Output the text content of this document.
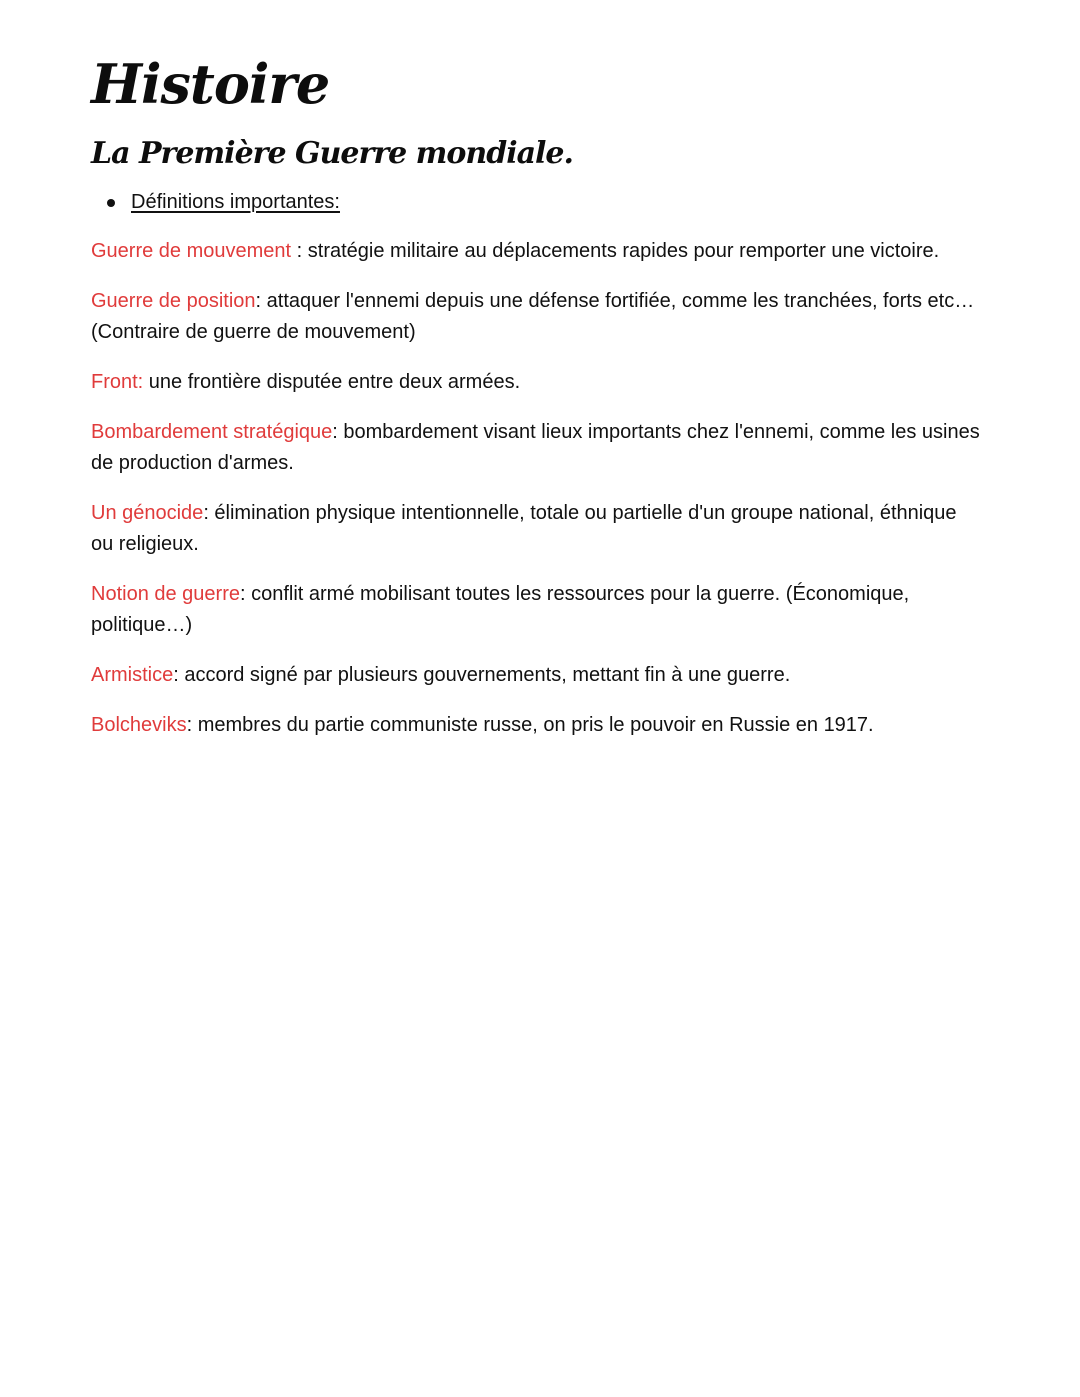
Histoire
La Première Guerre mondiale.
Définitions importantes:

Guerre de mouvement : stratégie militaire au déplacements rapides pour remporter une victoire.

Guerre de position: attaquer l'ennemi depuis une défense fortifiée, comme les tranchées, forts etc…(Contraire de guerre de mouvement)

Front: une frontière disputée entre deux armées.

Bombardement stratégique: bombardement visant lieux importants chez l'ennemi, comme les usines de production d'armes.

Un génocide: élimination physique intentionnelle, totale ou partielle d'un groupe national, éthnique ou religieux.

Notion de guerre: conflit armé mobilisant toutes les ressources pour la guerre. (Économique, politique…)

Armistice: accord signé par plusieurs gouvernements, mettant fin à une guerre.

Bolcheviks: membres du partie communiste russe, on pris le pouvoir en Russie en 1917.
